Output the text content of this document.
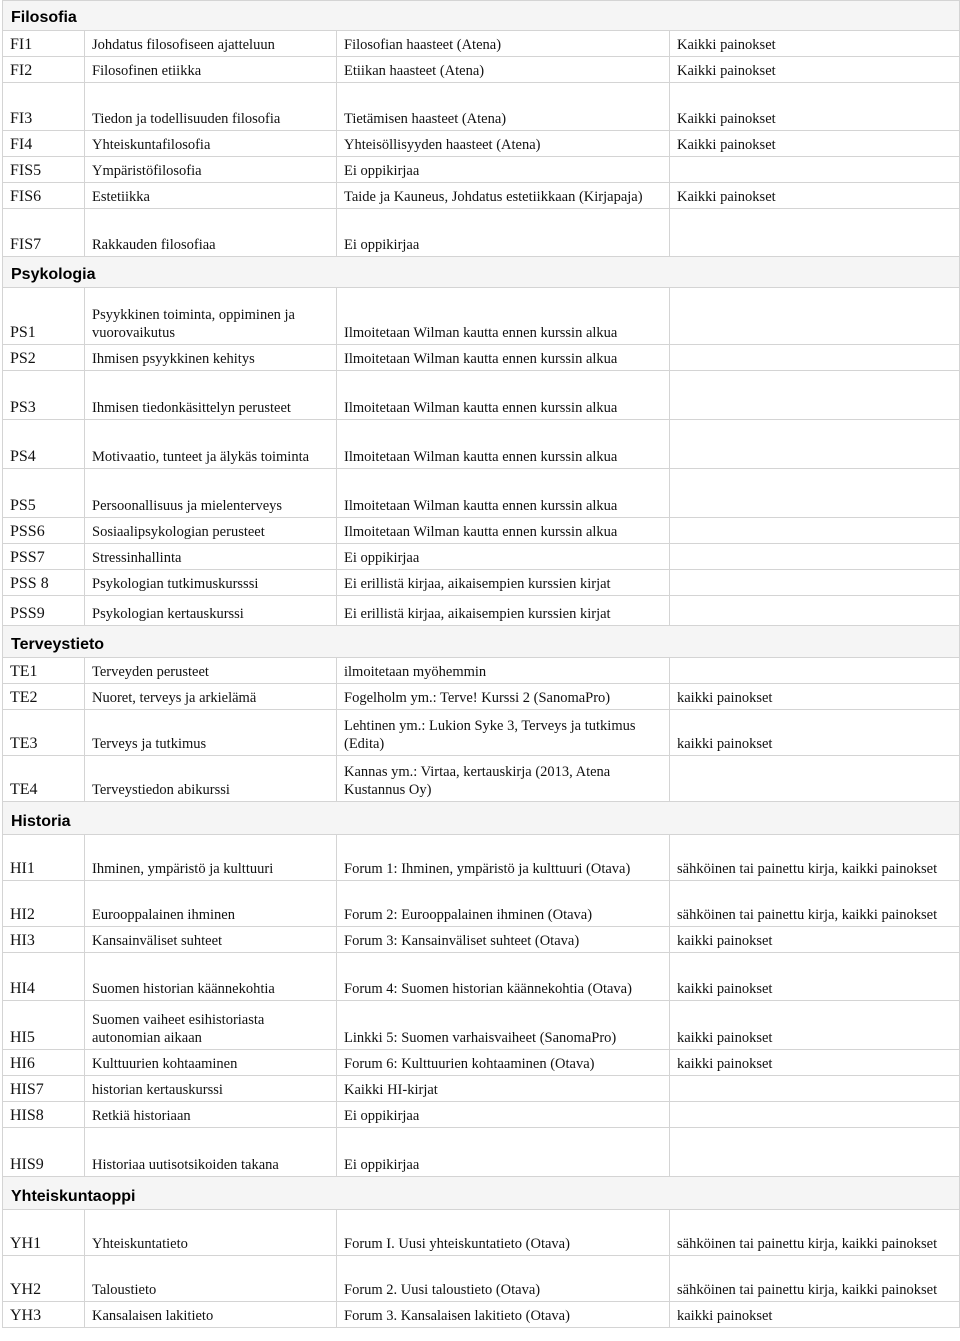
Filosofia			
FI1	Johdatus filosofiseen ajatteluun	Filosofian haasteet (Atena)	Kaikki painokset
FI2	Filosofinen etiikka	Etiikan haasteet (Atena)	Kaikki painokset
FI3	Tiedon ja todellisuuden filosofia	Tietämisen haasteet (Atena)	Kaikki painokset
FI4	Yhteiskuntafilosofia	Yhteisöllisyyden haasteet (Atena)	Kaikki painokset
FIS5	Ympäristöfilosofia	Ei oppikirjaa	
FIS6	Estetiikka	Taide ja Kauneus, Johdatus estetiikkaan (Kirjapaja)	Kaikki painokset
FIS7	Rakkauden filosofiaa	Ei oppikirjaa	
Psykologia			
PS1	Psyykkinen toiminta, oppiminen ja vuorovaikutus	Ilmoitetaan Wilman kautta ennen kurssin alkua	
PS2	Ihmisen psyykkinen kehitys	Ilmoitetaan Wilman kautta ennen kurssin alkua	
PS3	Ihmisen tiedonkäsittelyn perusteet	Ilmoitetaan Wilman kautta ennen kurssin alkua	
PS4	Motivaatio, tunteet ja älykäs toiminta	Ilmoitetaan Wilman kautta ennen kurssin alkua	
PS5	Persoonallisuus ja mielenterveys	Ilmoitetaan Wilman kautta ennen kurssin alkua	
PSS6	Sosiaalipsykologian perusteet	Ilmoitetaan Wilman kautta ennen kurssin alkua	
PSS7	Stressinhallinta	Ei oppikirjaa	
PSS 8	Psykologian tutkimuskursssi	Ei erillistä kirjaa, aikaisempien kurssien kirjat	
PSS9	Psykologian kertauskurssi	Ei erillistä kirjaa, aikaisempien kurssien kirjat	
Terveystieto			
TE1	Terveyden perusteet	ilmoitetaan myöhemmin	
TE2	Nuoret, terveys ja arkielämä	Fogelholm ym.: Terve! Kurssi 2 (SanomaPro)	kaikki painokset
TE3	Terveys ja tutkimus	Lehtinen ym.: Lukion Syke 3, Terveys ja tutkimus (Edita)	kaikki painokset
TE4	Terveystiedon abikurssi	Kannas ym.: Virtaa, kertauskirja (2013, Atena Kustannus Oy)	
Historia			
HI1	Ihminen, ympäristö ja kulttuuri	Forum 1: Ihminen, ympäristö ja kulttuuri (Otava)	sähköinen tai painettu kirja, kaikki painokset
HI2	Eurooppalainen ihminen	Forum 2: Eurooppalainen ihminen (Otava)	sähköinen tai painettu kirja, kaikki painokset
HI3	Kansainväliset suhteet	Forum 3: Kansainväliset suhteet (Otava)	kaikki painokset
HI4	Suomen historian käännekohtia	Forum 4: Suomen historian käännekohtia (Otava)	kaikki painokset
HI5	Suomen vaiheet esihistoriasta autonomian aikaan	Linkki 5: Suomen varhaisvaiheet (SanomaPro)	kaikki painokset
HI6	Kulttuurien kohtaaminen	Forum 6: Kulttuurien kohtaaminen (Otava)	kaikki painokset
HIS7	historian kertauskurssi	Kaikki HI-kirjat	
HIS8	Retkiä historiaan	Ei oppikirjaa	
HIS9	Historiaa uutisotsikoiden takana	Ei oppikirjaa	
Yhteiskuntaoppi			
YH1	Yhteiskuntatieto	Forum I. Uusi yhteiskuntatieto (Otava)	sähköinen tai painettu kirja, kaikki painokset
YH2	Taloustieto	Forum 2. Uusi taloustieto (Otava)	sähköinen tai painettu kirja, kaikki painokset
YH3	Kansalaisen lakitieto	Forum 3. Kansalaisen lakitieto (Otava)	kaikki painokset
